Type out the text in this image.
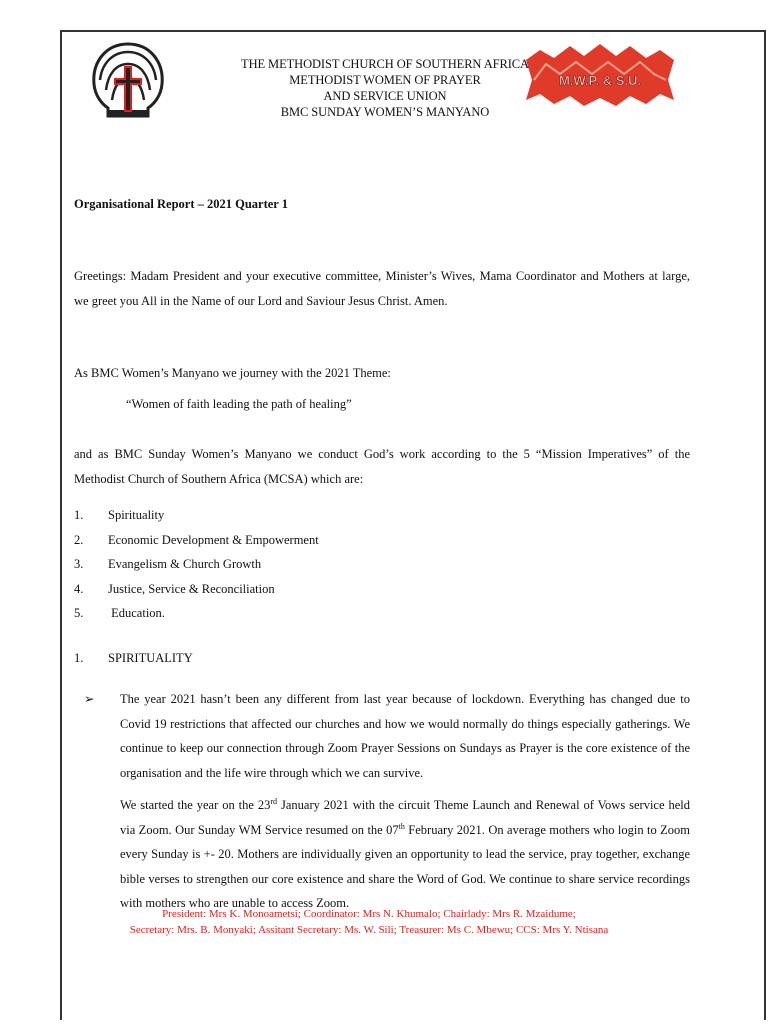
M.W.P. & S.U.
THE METHODIST CHURCH OF SOUTHERN AFRICA
METHODIST WOMEN OF PRAYER
AND SERVICE UNION
BMC SUNDAY WOMEN’S MANYANO
Organisational Report – 2021 Quarter 1

Greetings: Madam President and your executive committee, Minister’s Wives, Mama Coordinator and Mothers at large, we greet you All in the Name of our Lord and Saviour Jesus Christ. Amen.

As BMC Women’s Manyano we journey with the 2021 Theme:

“Women of faith leading the path of healing”

and as BMC Sunday Women’s Manyano we conduct God’s work according to the 5 “Mission Imperatives” of the Methodist Church of Southern Africa (MCSA) which are:

1. Spirituality
2. Economic Development & Empowerment
3. Evangelism & Church Growth
4. Justice, Service & Reconciliation
5. Education.
1. SPIRITUALITY
➢ The year 2021 hasn’t been any different from last year because of lockdown. Everything has changed due to Covid 19 restrictions that affected our churches and how we would normally do things especially gatherings. We continue to keep our connection through Zoom Prayer Sessions on Sundays as Prayer is the core existence of the organisation and the life wire through which we can survive.

We started the year on the 23rd January 2021 with the circuit Theme Launch and Renewal of Vows service held via Zoom. Our Sunday WM Service resumed on the 07th February 2021. On average mothers who login to Zoom every Sunday is +- 20. Mothers are individually given an opportunity to lead the service, pray together, exchange bible verses to strengthen our core existence and share the Word of God. We continue to share service recordings with mothers who are unable to access Zoom.

President: Mrs K. Monoametsi; Coordinator: Mrs N. Khumalo; Chairlady: Mrs R. Mzaidume;
Secretary: Mrs. B. Monyaki; Assitant Secretary: Ms. W. Sili; Treasurer: Ms C. Mbewu; CCS: Mrs Y. Ntisana
